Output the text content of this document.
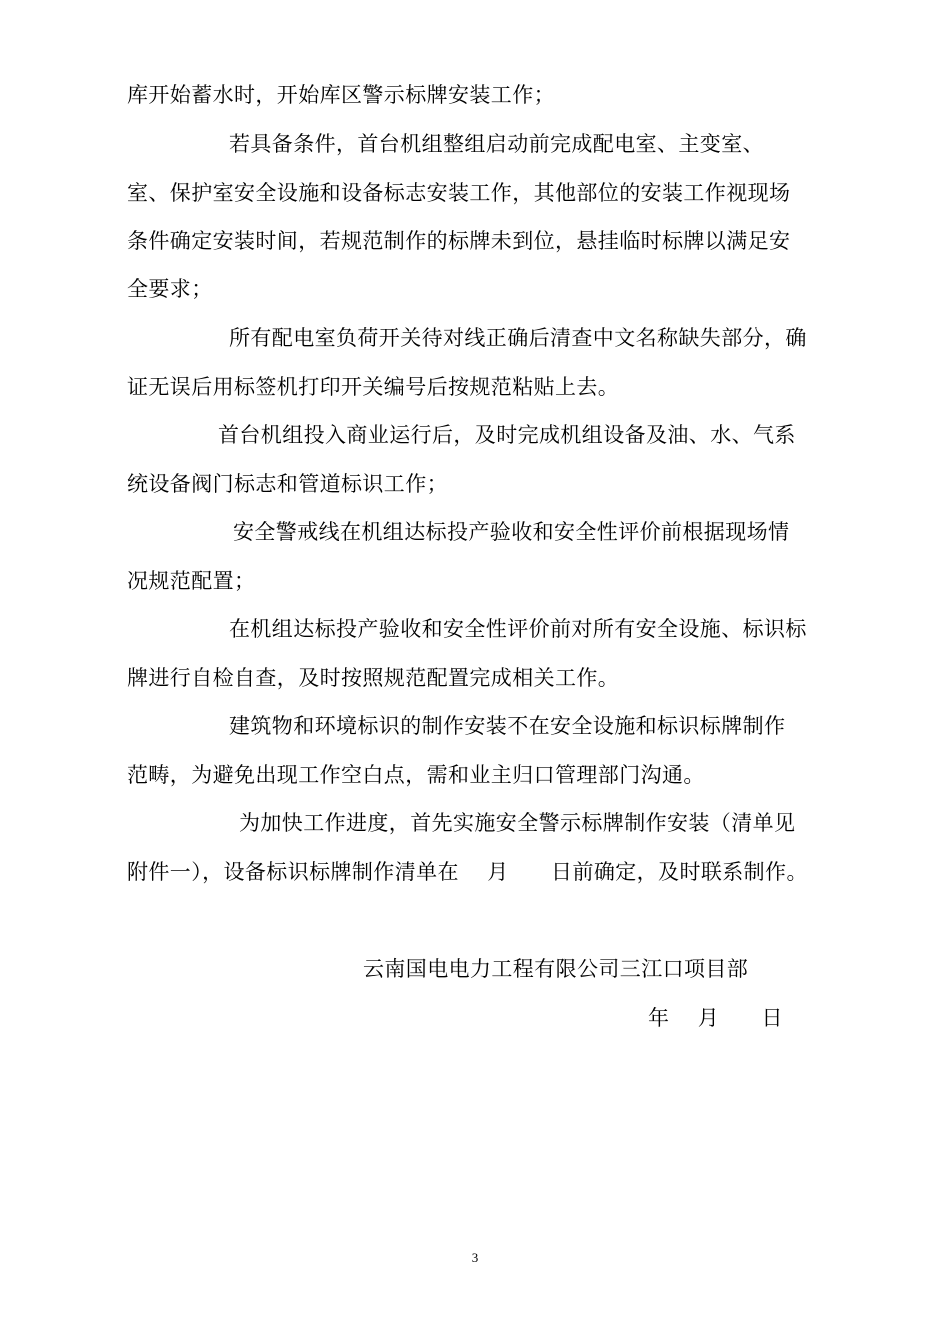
库开始蓄水时，开始库区警示标牌安装工作；
若具备条件，首台机组整组启动前完成配电室、主变室、
室、保护室安全设施和设备标志安装工作，其他部位的安装工作视现场
条件确定安装时间，若规范制作的标牌未到位，悬挂临时标牌以满足安
全要求；
所有配电室负荷开关待对线正确后清查中文名称缺失部分，确
证无误后用标签机打印开关编号后按规范粘贴上去。
首台机组投入商业运行后，及时完成机组设备及油、水、气系
统设备阀门标志和管道标识工作；
安全警戒线在机组达标投产验收和安全性评价前根据现场情
况规范配置；
在机组达标投产验收和安全性评价前对所有安全设施、标识标
牌进行自检自查，及时按照规范配置完成相关工作。
建筑物和环境标识的制作安装不在安全设施和标识标牌制作
范畴，为避免出现工作空白点，需和业主归口管理部门沟通。
为加快工作进度，首先实施安全警示标牌制作安装（清单见
附件一），设备标识标牌制作清单在    月      日前确定，及时联系制作。
云南国电电力工程有限公司三江口项目部
年    月      日
3
